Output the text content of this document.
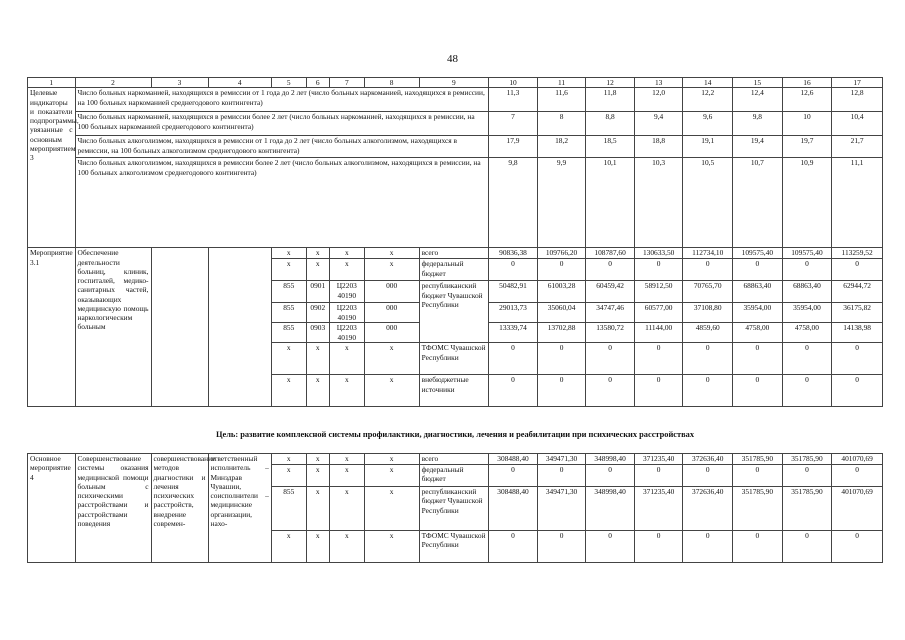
48
1	2	3	4	5	6	7	8	9	10	11	12	13	14	15	16	17
Целевые индикаторы и показатели подпрограммы, увязанные с основным мероприятием 3	Число больных наркоманией, находящихся в ремиссии от 1 года до 2 лет (число больных наркоманией, находящихся в ремиссии, на 100 больных наркоманией среднегодового контингента)								11,3	11,6	11,8	12,0	12,2	12,4	12,6	12,8
	Число больных наркоманией, находящихся в ремиссии более 2 лет (число больных наркоманией, находящихся в ремиссии, на 100 больных наркоманией среднегодового контингента)								7	8	8,8	9,4	9,6	9,8	10	10,4
	Число больных алкоголизмом, находящихся в ремиссии от 1 года до 2 лет (число больных алкоголизмом, находящихся в ремиссии, на 100 больных алкоголизмом среднегодового контингента)								17,9	18,2	18,5	18,8	19,1	19,4	19,7	21,7
	Число больных алкоголизмом, находящихся в ремиссии более 2 лет (число больных алкоголизмом, находящихся в ремиссии, на 100 больных алкоголизмом среднегодового контингента)								9,8	9,9	10,1	10,3	10,5	10,7	10,9	11,1
Мероприятие 3.1	Обеспечение деятельности больниц, клиник, госпиталей, медико-санитарных частей, оказывающих медицинскую помощь наркологическим больным			x	x	x	x	всего	90836,38	109766,20	108787,60	130633,50	112734,10	109575,40	109575,40	113259,52
				x	x	x	x	федеральный бюджет	0	0	0	0	0	0	0	0
				855	0901	Ц2203 40190	000	республиканский бюджет Чувашской Республики	50482,91	61003,28	60459,42	58912,50	70765,70	68863,40	68863,40	62944,72
				855	0902	Ц2203 40190	000		29013,73	35060,04	34747,46	60577,00	37108,80	35954,00	35954,00	36175,82
				855	0903	Ц2203 40190	000		13339,74	13702,88	13580,72	11144,00	4859,60	4758,00	4758,00	14138,98
				x	x	x	x	ТФОМС Чувашской Республики	0	0	0	0	0	0	0	0
				x	x	x	x	внебюджетные источники	0	0	0	0	0	0	0	0
Цель: развитие комплексной системы профилактики, диагностики, лечения и реабилитации при психических расстройствах
Основное мероприятие 4	Совершенствование системы оказания медицинской помощи больным с психическими расстройствами и расстройствами поведения	совершенствование методов диагностики и лечения психических расстройств, внедрение современ-	ответственный исполнитель – Минздрав Чувашии, соисполнители – медицинские организации, нахо-	x	x	x	x	всего	308488,40	349471,30	348998,40	371235,40	372636,40	351785,90	351785,90	401070,69
				x	x	x	x	федеральный бюджет	0	0	0	0	0	0	0	0
				855	x	x	x	республиканский бюджет Чувашской Республики	308488,40	349471,30	348998,40	371235,40	372636,40	351785,90	351785,90	401070,69
				x	x	x	x	ТФОМС Чувашской Республики	0	0	0	0	0	0	0	0
